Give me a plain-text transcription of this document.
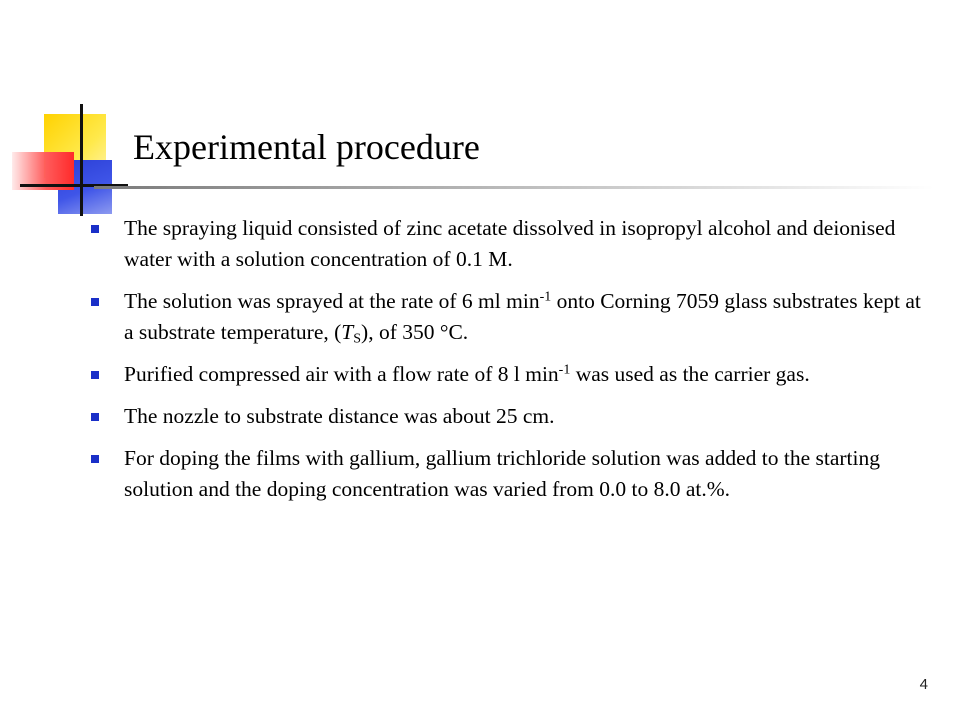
Experimental procedure
The spraying liquid consisted of zinc acetate dissolved in isopropyl alcohol and deionised water with a solution concentration of 0.1 M.
The solution was sprayed at the rate of 6 ml $\min^{-1}$ onto Corning 7059 glass substrates kept at a substrate temperature, $(T_S)$, of 350 °C.
Purified compressed air with a flow rate of 8 l $\min^{-1}$ was used as the carrier gas.
The nozzle to substrate distance was about 25 cm.
For doping the films with gallium, gallium trichloride solution was added to the starting solution and the doping concentration was varied from 0.0 to 8.0 at.%.
4
